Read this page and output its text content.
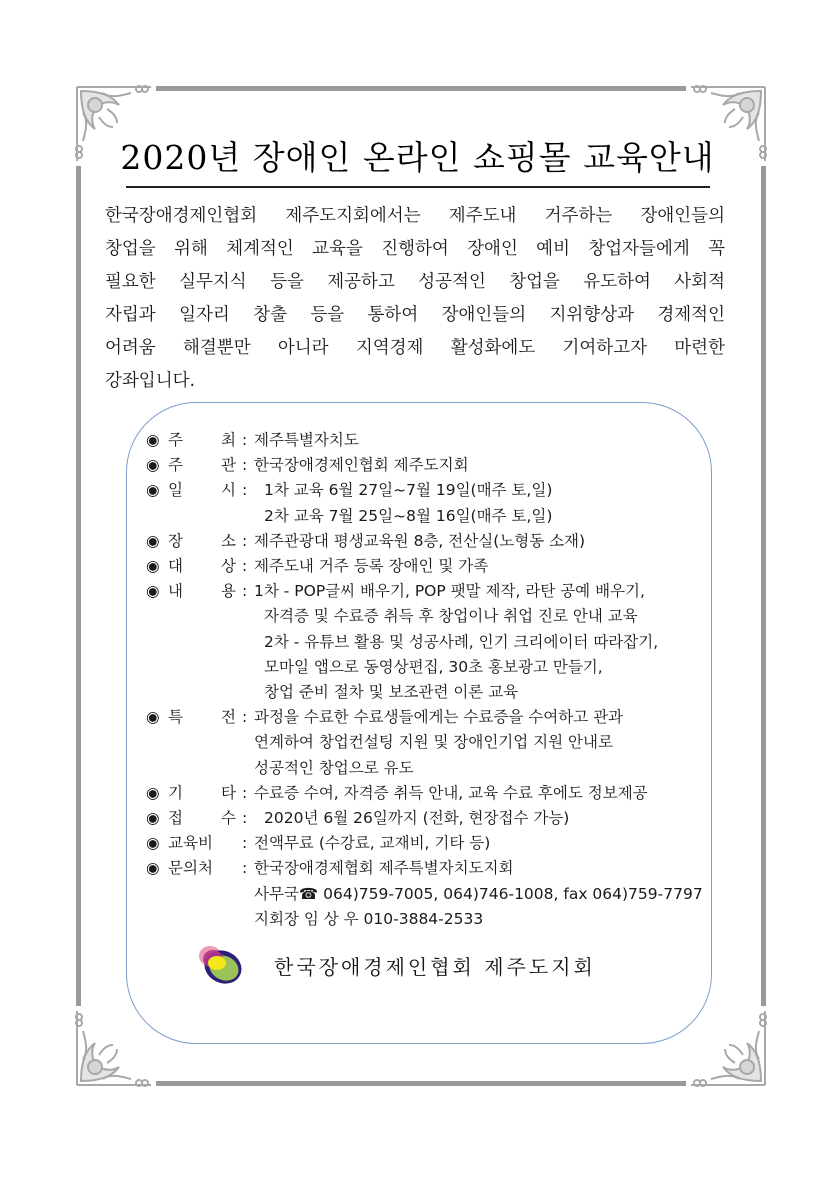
2020년 장애인 온라인 쇼핑몰 교육안내
한국장애경제인협회 제주도지회에서는 제주도내 거주하는 장애인들의
창업을 위해 체계적인 교육을 진행하여 장애인 예비 창업자들에게 꼭
필요한 실무지식 등을 제공하고 성공적인 창업을 유도하여 사회적
자립과 일자리 창출 등을 통하여 장애인들의 지위향상과 경제적인
어려움 해결뿐만 아니라 지역경제 활성화에도 기여하고자 마련한
강좌입니다.
◉ 주 최 : 제주특별자치도
◉ 주 관 : 한국장애경제인협회 제주도지회
◉ 일 시 :	1차 교육 6월 27일~7월 19일(매주 토,일)
2차 교육 7월 25일~8월 16일(매주 토,일)
◉ 장 소 : 제주관광대 평생교육원 8층, 전산실(노형동 소재)
◉ 대 상 : 제주도내 거주 등록 장애인 및 가족
◉ 내 용 : 1차 - POP글씨 배우기, POP 팻말 제작, 라탄 공예 배우기,
자격증 및 수료증 취득 후 창업이나 취업 진로 안내 교육
2차 - 유튜브 활용 및 성공사례, 인기 크리에이터 따라잡기,
모마일 앱으로 동영상편집, 30초 홍보광고 만들기,
창업 준비 절차 및 보조관련 이론 교육
◉ 특 전 : 과정을 수료한 수료생들에게는 수료증을 수여하고 관과
연계하여 창업컨설팅 지원 및 장애인기업 지원 안내로
성공적인 창업으로 유도
◉ 기 타 : 수료증 수여, 자격증 취득 안내, 교육 수료 후에도 정보제공
◉ 접 수 :	2020년 6월 26일까지 (전화, 현장접수 가능)
◉ 교육비	: 전액무료 (수강료, 교재비, 기타 등)
◉ 문의처	: 한국장애경제협회 제주특별자치도지회
사무국☎ 064)759-7005, 064)746-1008, fax 064)759-7797
지회장 임 상 우 010-3884-2533
한국장애경제인협회 제주도지회
